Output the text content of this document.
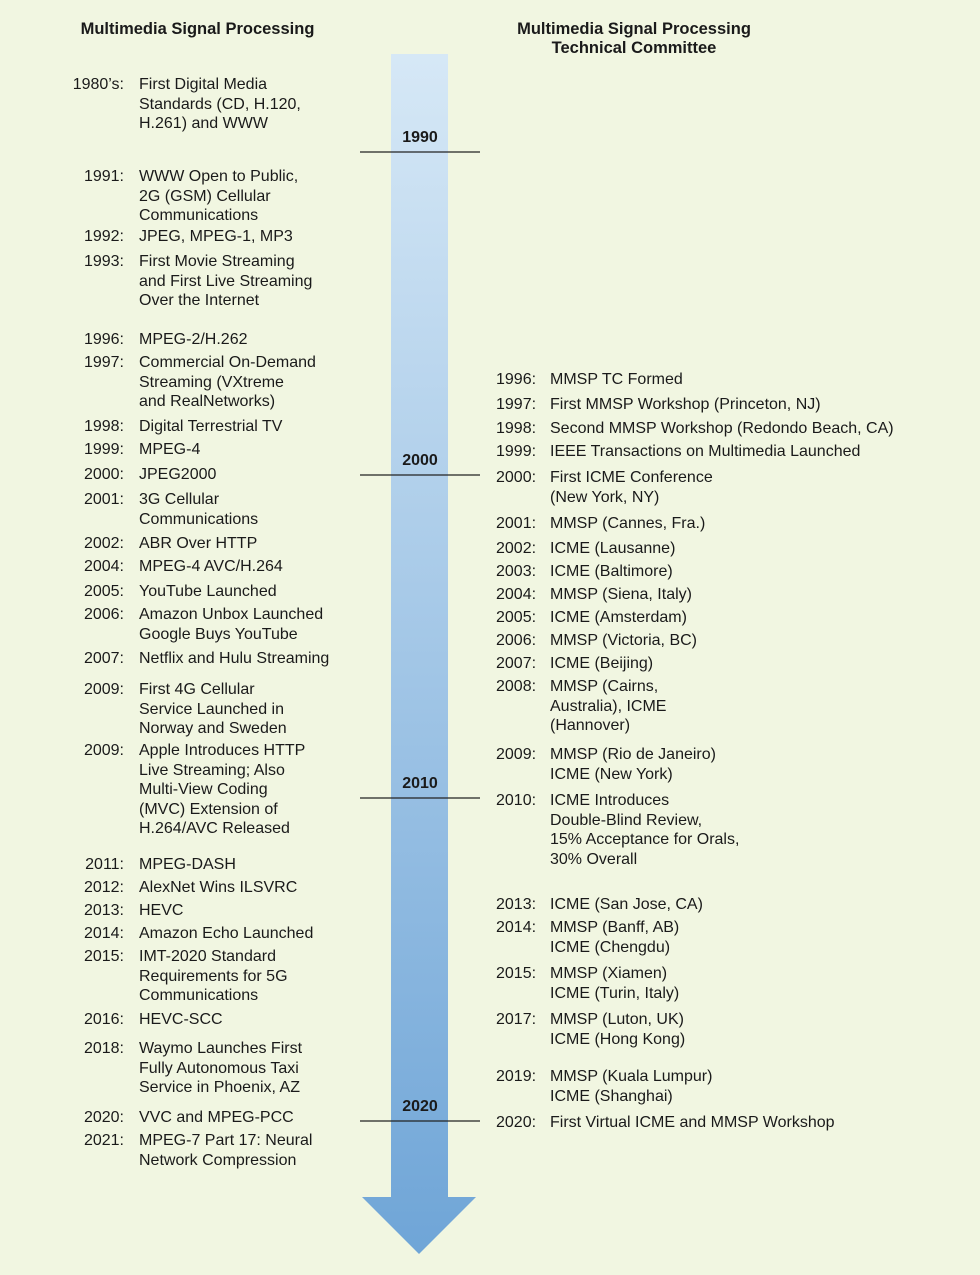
Multimedia Signal Processing	Multimedia Signal Processing
Technical Committee
1990
2000
2010
2020
1980’s: First Digital Media
Standards (CD, H.120,
H.261) and WWW
1991: WWW Open to Public,
2G (GSM) Cellular
Communications
1992: JPEG, MPEG-1, MP3
1993: First Movie Streaming
and First Live Streaming
Over the Internet
1996: MPEG-2/H.262
1997: Commercial On-Demand
Streaming (VXtreme
and RealNetworks)
1998: Digital Terrestrial TV
1999: MPEG-4
2000: JPEG2000
2001: 3G Cellular
Communications
2002: ABR Over HTTP
2004: MPEG-4 AVC/H.264
2005: YouTube Launched
2006: Amazon Unbox Launched
Google Buys YouTube
2007: Netflix and Hulu Streaming
2009: First 4G Cellular
Service Launched in
Norway and Sweden
2009: Apple Introduces HTTP
Live Streaming; Also
Multi-View Coding
(MVC) Extension of
H.264/AVC Released
2011: MPEG-DASH
2012: AlexNet Wins ILSVRC
2013: HEVC
2014: Amazon Echo Launched
2015: IMT-2020 Standard
Requirements for 5G
Communications
2016: HEVC-SCC
2018: Waymo Launches First
Fully Autonomous Taxi
Service in Phoenix, AZ
2020: VVC and MPEG-PCC
2021: MPEG-7 Part 17: Neural
Network Compression
1996: MMSP TC Formed
1997: First MMSP Workshop (Princeton, NJ)
1998: Second MMSP Workshop (Redondo Beach, CA)
1999: IEEE Transactions on Multimedia Launched
2000: First ICME Conference
(New York, NY)
2001: MMSP (Cannes, Fra.)
2002: ICME (Lausanne)
2003: ICME (Baltimore)
2004: MMSP (Siena, Italy)
2005: ICME (Amsterdam)
2006: MMSP (Victoria, BC)
2007: ICME (Beijing)
2008: MMSP (Cairns,
Australia), ICME
(Hannover)
2009: MMSP (Rio de Janeiro)
ICME (New York)
2010: ICME Introduces
Double-Blind Review,
15% Acceptance for Orals,
30% Overall
2013: ICME (San Jose, CA)
2014: MMSP (Banff, AB)
ICME (Chengdu)
2015: MMSP (Xiamen)
ICME (Turin, Italy)
2017: MMSP (Luton, UK)
ICME (Hong Kong)
2019: MMSP (Kuala Lumpur)
ICME (Shanghai)
2020: First Virtual ICME and MMSP Workshop
